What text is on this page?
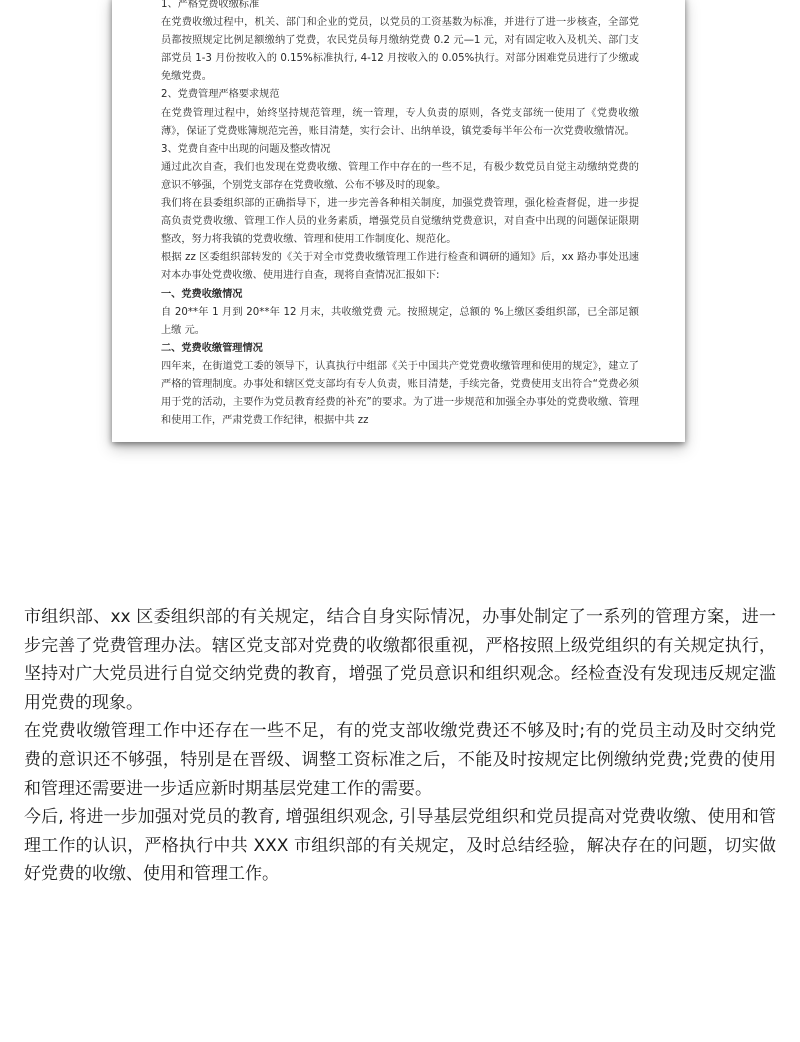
1、严格党费收缴标准

在党费收缴过程中，机关、部门和企业的党员，以党员的工资基数为标准，并进行了进一步核查，全部党员都按照规定比例足额缴纳了党费，农民党员每月缴纳党费 0.2 元—1 元，对有固定收入及机关、部门支部党员 1-3 月份按收入的 0.15%标准执行, 4-12 月按收入的 0.05%执行。对部分困难党员进行了少缴或免缴党费。

2、党费管理严格要求规范

在党费管理过程中，始终坚持规范管理，统一管理，专人负责的原则，各党支部统一使用了《党费收缴薄》，保证了党费账簿规范完善，账目清楚，实行会计、出纳单设，镇党委每半年公布一次党费收缴情况。

3、党费自查中出现的问题及整改情况

通过此次自查，我们也发现在党费收缴、管理工作中存在的一些不足，有极少数党员自觉主动缴纳党费的意识不够强，个别党支部存在党费收缴、公布不够及时的现象。

我们将在县委组织部的正确指导下，进一步完善各种相关制度，加强党费管理，强化检查督促，进一步提高负责党费收缴、管理工作人员的业务素质，增强党员自觉缴纳党费意识，对自查中出现的问题保证限期整改，努力将我镇的党费收缴、管理和使用工作制度化、规范化。

根据 zz 区委组织部转发的《关于对全市党费收缴管理工作进行检查和调研的通知》后，xx 路办事处迅速对本办事处党费收缴、使用进行自查，现将自查情况汇报如下:

一、党费收缴情况

自 20**年 1 月到 20**年 12 月末，共收缴党费 元。按照规定，总额的 %上缴区委组织部，已全部足额上缴 元。

二、党费收缴管理情况

四年来，在街道党工委的领导下，认真执行中组部《关于中国共产党党费收缴管理和使用的规定》，建立了严格的管理制度。办事处和辖区党支部均有专人负责，账目清楚，手续完备，党费使用支出符合“党费必须用于党的活动，主要作为党员教育经费的补充”的要求。为了进一步规范和加强全办事处的党费收缴、管理和使用工作，严肃党费工作纪律，根据中共 zz

市组织部、xx 区委组织部的有关规定，结合自身实际情况，办事处制定了一系列的管理方案，进一步完善了党费管理办法。辖区党支部对党费的收缴都很重视，严格按照上级党组织的有关规定执行，坚持对广大党员进行自觉交纳党费的教育，增强了党员意识和组织观念。经检查没有发现违反规定滥用党费的现象。

在党费收缴管理工作中还存在一些不足，有的党支部收缴党费还不够及时;有的党员主动及时交纳党费的意识还不够强，特别是在晋级、调整工资标准之后，不能及时按规定比例缴纳党费;党费的使用和管理还需要进一步适应新时期基层党建工作的需要。

今后, 将进一步加强对党员的教育, 增强组织观念, 引导基层党组织和党员提高对党费收缴、使用和管理工作的认识，严格执行中共 XXX 市组织部的有关规定，及时总结经验，解决存在的问题，切实做好党费的收缴、使用和管理工作。
